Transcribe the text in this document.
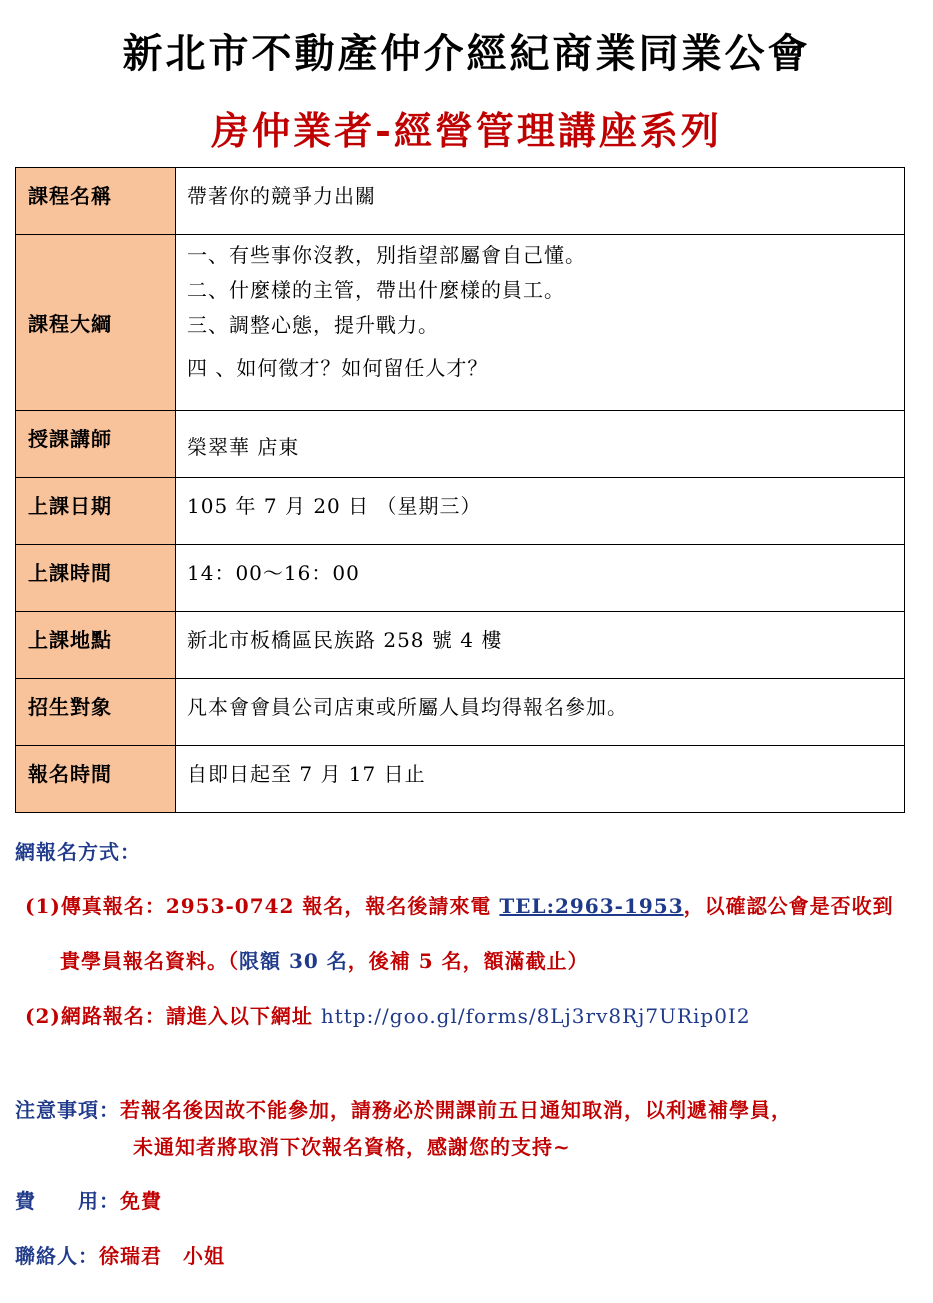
新北市不動產仲介經紀商業同業公會
房仲業者-經營管理講座系列
課程名稱	帶著你的競爭力出關
課程大綱	一、有些事你沒教，別指望部屬會自己懂。
二、什麼樣的主管，帶出什麼樣的員工。
三、調整心態，提升戰力。
四 、如何徵才？如何留任人才？

授課講師	榮翠華 店東
上課日期	105 年 7 月 20 日 （星期三）
上課時間	14：00～16：00
上課地點	新北市板橋區民族路 258 號 4 樓
招生對象	凡本會會員公司店東或所屬人員均得報名參加。
報名時間	自即日起至 7 月 17 日止
網報名方式：
(1)傳真報名：2953-0742 報名，報名後請來電 TEL:2963-1953，以確認公會是否收到
貴學員報名資料。（限額 30 名，後補 5 名，額滿截止）
(2)網路報名：請進入以下網址 http://goo.gl/forms/8Lj3rv8Rj7URip0I2
注意事項：若報名後因故不能參加，請務必於開課前五日通知取消，以利遞補學員，
未通知者將取消下次報名資格，感謝您的支持~
費　　用：免費
聯絡人：徐瑞君　小姐
